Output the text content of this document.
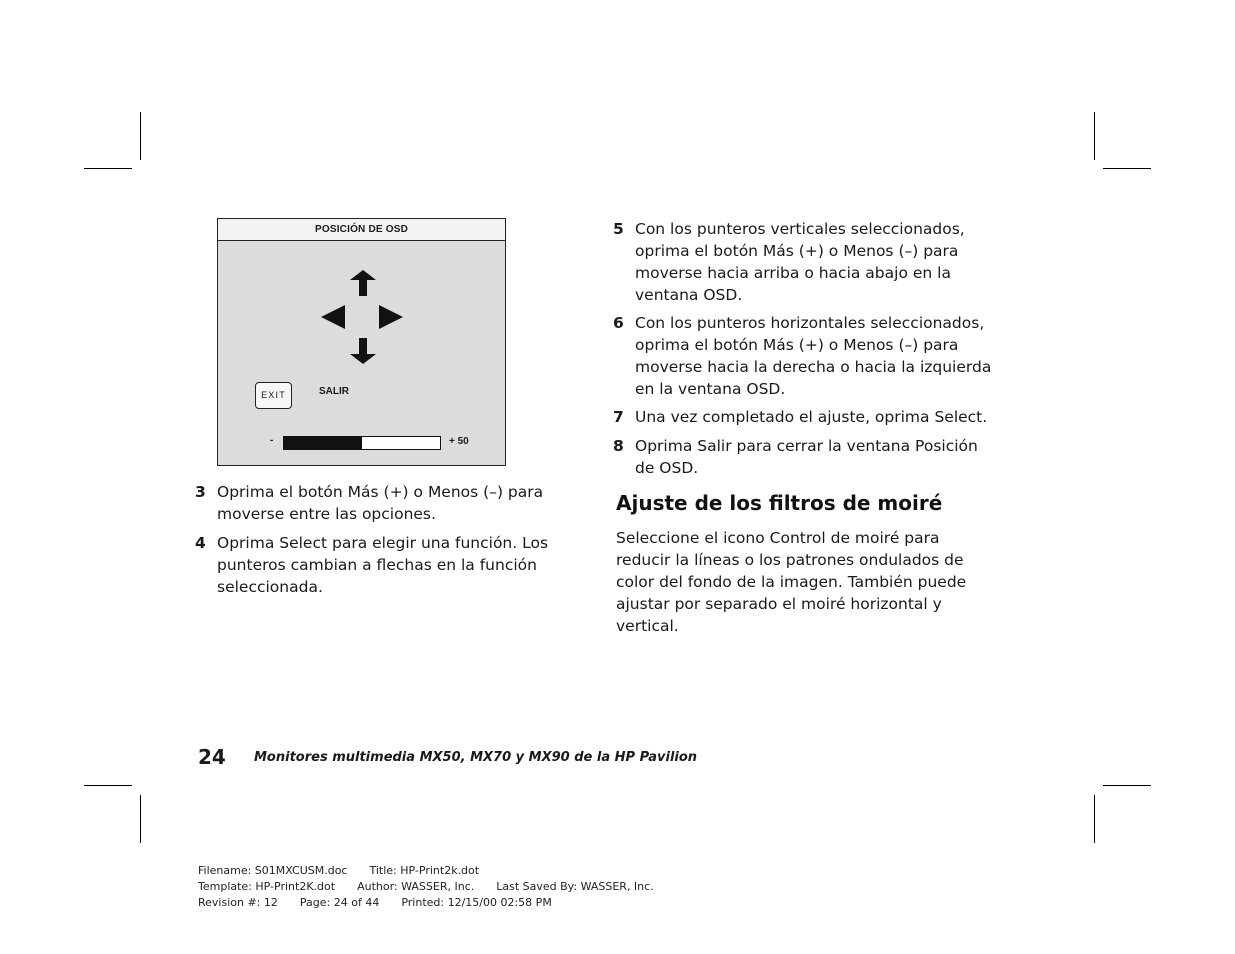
POSICIÓN DE OSD
EXIT	SALIR
-	+ 50
3 Oprima el botón Más (+) o Menos (–) para moverse entre las opciones.
4 Oprima Select para elegir una función. Los punteros cambian a flechas en la función seleccionada.
5 Con los punteros verticales seleccionados, oprima el botón Más (+) o Menos (–) para moverse hacia arriba o hacia abajo en la ventana OSD.
6 Con los punteros horizontales seleccionados, oprima el botón Más (+) o Menos (–) para moverse hacia la derecha o hacia la izquierda en la ventana OSD.
7 Una vez completado el ajuste, oprima Select.
8 Oprima Salir para cerrar la ventana Posición de OSD.
Ajuste de los filtros de moiré
Seleccione el icono Control de moiré para reducir la líneas o los patrones ondulados de color del fondo de la imagen. También puede ajustar por separado el moiré horizontal y vertical.
24 Monitores multimedia MX50, MX70 y MX90 de la HP Pavilion
Filename: S01MXCUSM.doc Title: HP-Print2k.dot
Template: HP-Print2K.dot Author: WASSER, Inc. Last Saved By: WASSER, Inc.
Revision #: 12 Page: 24 of 44 Printed: 12/15/00 02:58 PM
